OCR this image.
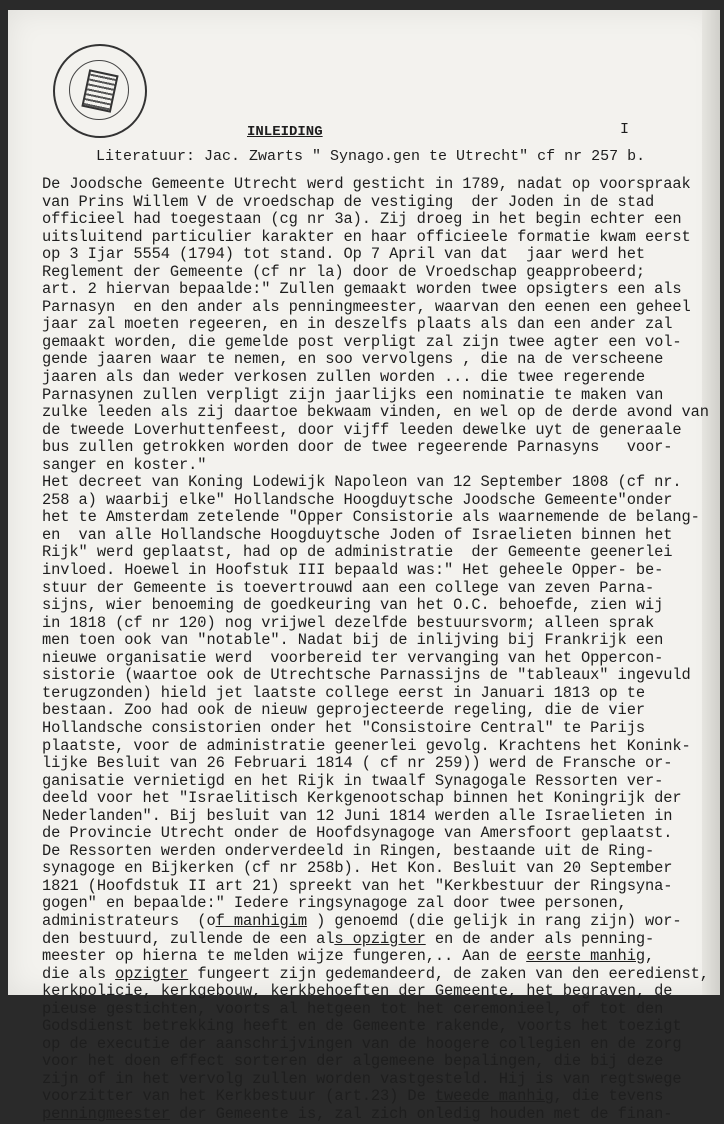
INLEIDING	I
Literatuur: Jac. Zwarts " Synago.gen te Utrecht" cf nr 257 b.
De Joodsche Gemeente Utrecht werd gesticht in 1789, nadat op voorspraak
van Prins Willem V de vroedschap de vestiging  der Joden in de stad
officieel had toegestaan (cg nr 3a). Zij droeg in het begin echter een
uitsluitend particulier karakter en haar officieele formatie kwam eerst
op 3 Ijar 5554 (1794) tot stand. Op 7 April van dat  jaar werd het
Reglement der Gemeente (cf nr la) door de Vroedschap geapprobeerd;
art. 2 hiervan bepaalde:" Zullen gemaakt worden twee opsigters een als
Parnasyn  en den ander als penningmeester, waarvan den eenen een geheel
jaar zal moeten regeeren, en in deszelfs plaats als dan een ander zal
gemaakt worden, die gemelde post verpligt zal zijn twee agter een vol-
gende jaaren waar te nemen, en soo vervolgens , die na de verscheene
jaaren als dan weder verkosen zullen worden ... die twee regerende
Parnasynen zullen verpligt zijn jaarlijks een nominatie te maken van
zulke leeden als zij daartoe bekwaam vinden, en wel op de derde avond van
de tweede Loverhuttenfeest, door vijff leeden dewelke uyt de generaale
bus zullen getrokken worden door de twee regeerende Parnasyns   voor-
sanger en koster."
Het decreet van Koning Lodewijk Napoleon van 12 September 1808 (cf nr.
258 a) waarbij elke" Hollandsche Hoogduytsche Joodsche Gemeente"onder
het te Amsterdam zetelende "Opper Consistorie als waarnemende de belang-
en  van alle Hollandsche Hoogduytsche Joden of Israelieten binnen het
Rijk" werd geplaatst, had op de administratie  der Gemeente geenerlei
invloed. Hoewel in Hoofstuk III bepaald was:" Het geheele Opper- be-
stuur der Gemeente is toevertrouwd aan een college van zeven Parna-
sijns, wier benoeming de goedkeuring van het O.C. behoefde, zien wij
in 1818 (cf nr 120) nog vrijwel dezelfde bestuursvorm; alleen sprak
men toen ook van "notable". Nadat bij de inlijving bij Frankrijk een
nieuwe organisatie werd  voorbereid ter vervanging van het Oppercon-
sistorie (waartoe ook de Utrechtsche Parnassijns de "tableaux" ingevuld
terugzonden) hield jet laatste college eerst in Januari 1813 op te
bestaan. Zoo had ook de nieuw geprojecteerde regeling, die de vier
Hollandsche consistorien onder het "Consistoire Central" te Parijs
plaatste, voor de administratie geenerlei gevolg. Krachtens het Konink-
lijke Besluit van 26 Februari 1814 ( cf nr 259)) werd de Fransche or-
ganisatie vernietigd en het Rijk in twaalf Synagogale Ressorten ver-
deeld voor het "Israelitisch Kerkgenootschap binnen het Koningrijk der
Nederlanden". Bij besluit van 12 Juni 1814 werden alle Israelieten in
de Provincie Utrecht onder de Hoofdsynagoge van Amersfoort geplaatst.
De Ressorten werden onderverdeeld in Ringen, bestaande uit de Ring-
synagoge en Bijkerken (cf nr 258b). Het Kon. Besluit van 20 September
1821 (Hoofdstuk II art 21) spreekt van het "Kerkbestuur der Ringsyna-
gogen" en bepaalde:" Iedere ringsynagoge zal door twee personen,
administrateurs  (of manhigim ) genoemd (die gelijk in rang zijn) wor-
den bestuurd, zullende de een als opzigter en de ander als penning-
meester op hierna te melden wijze fungeren,.. Aan de eerste manhig,
die als opzigter fungeert zijn gedemandeerd, de zaken van den eeredienst,
kerkpolicie, kerkgebouw, kerkbehoeften der Gemeente, het begraven, de
pieuse gestichten, voorts al hetgeen tot het ceremonieel, of tot den
Godsdienst betrekking heeft en de Gemeente rakende, voorts het toezigt
op de executie der aanschrijvingen van de hoogere collegien en de zorg
voor het doen effect sorteren der algemeene bepalingen, die bij deze
zijn of in het vervolg zullen worden vastgesteld. Hij is van regtswege
voorzitter van het Kerkbestuur (art.23) De tweede manhig, die tevens
penningmeester der Gemeente is, zal zich onledig houden met de finan-
